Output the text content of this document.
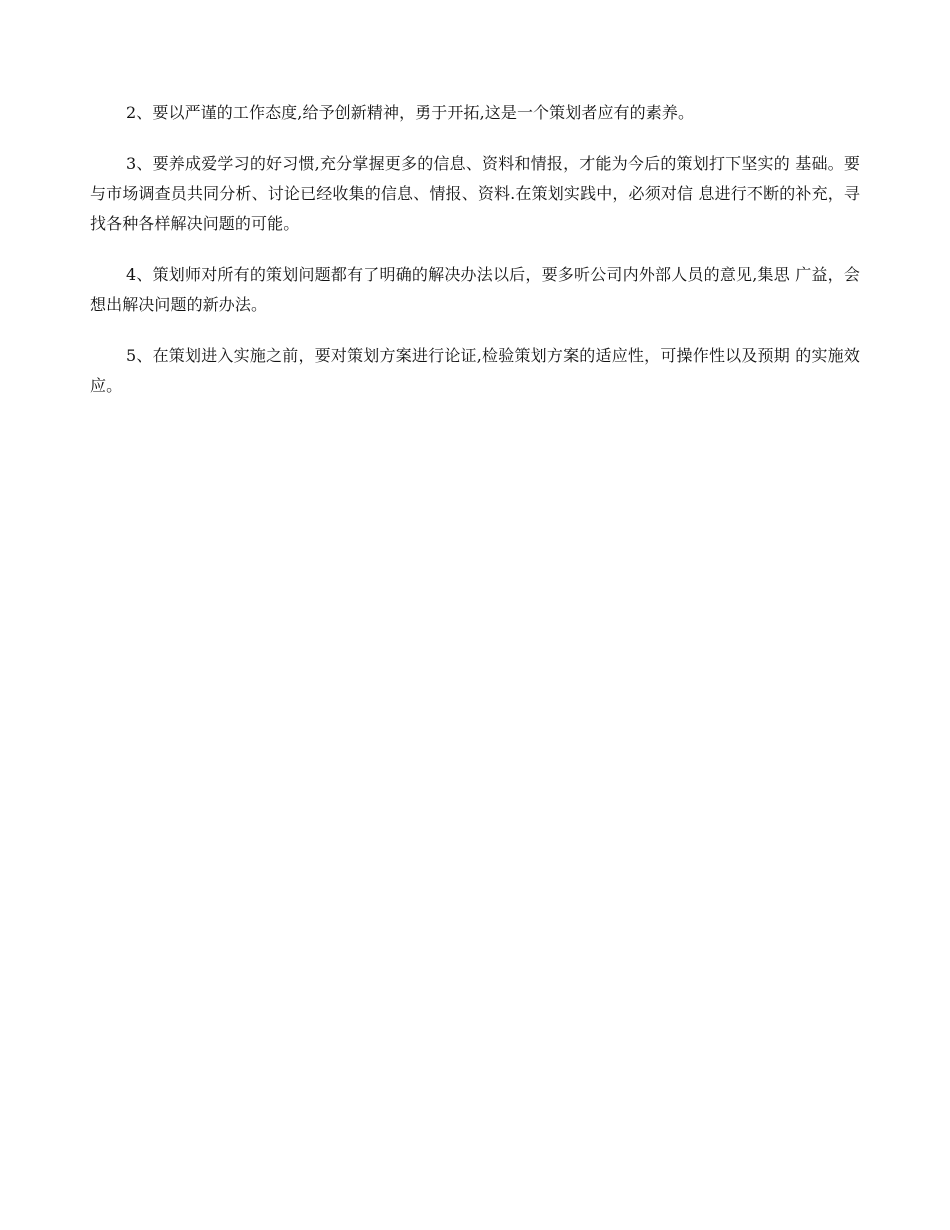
2、要以严谨的工作态度,给予创新精神，勇于开拓,这是一个策划者应有的素养。

3、要养成爱学习的好习惯,充分掌握更多的信息、资料和情报，才能为今后的策划打下坚实的 基础。要与市场调查员共同分析、讨论已经收集的信息、情报、资料.在策划实践中，必须对信 息进行不断的补充，寻找各种各样解决问题的可能。

4、策划师对所有的策划问题都有了明确的解决办法以后，要多听公司内外部人员的意见,集思 广益，会想出解决问题的新办法。

5、在策划进入实施之前，要对策划方案进行论证,检验策划方案的适应性，可操作性以及预期 的实施效应。
